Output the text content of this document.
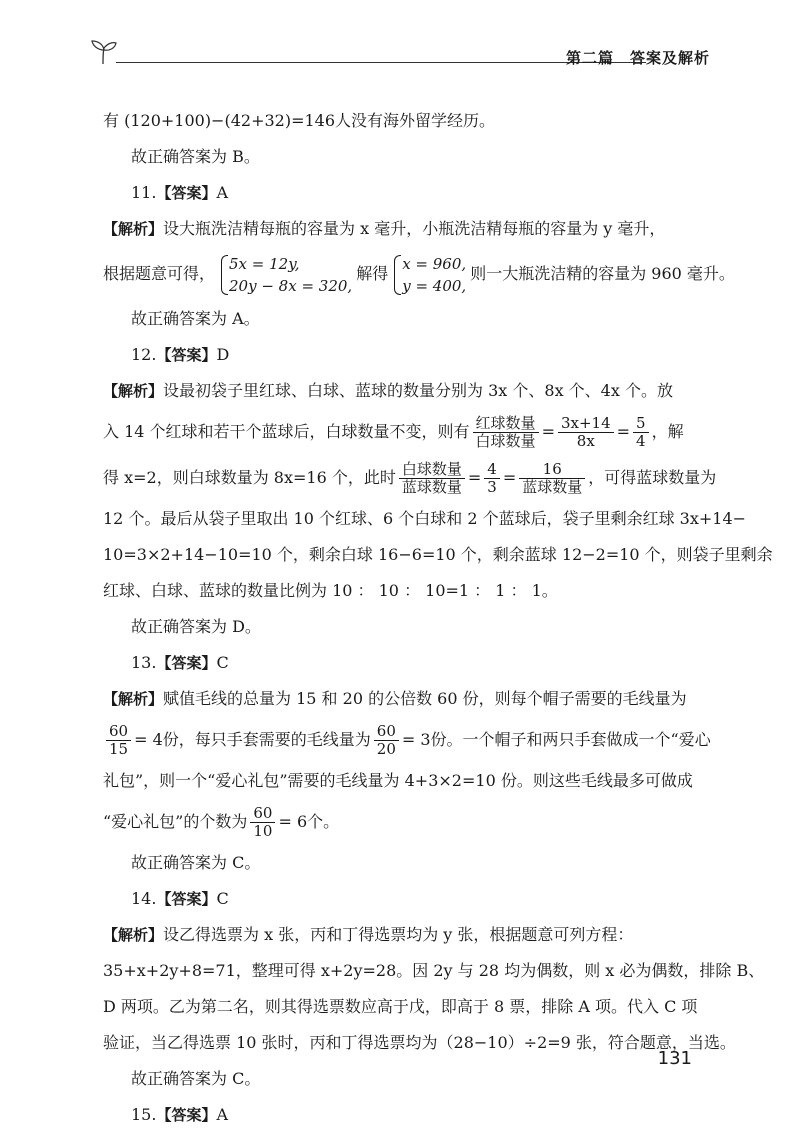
第二篇　答案及解析
有 (120+100)−(42+32)=146人没有海外留学经历。
故正确答案为 B。
11.【答案】A
【解析】设大瓶洗洁精每瓶的容量为 x 毫升，小瓶洗洁精每瓶的容量为 y 毫升，
根据题意可得，
5x = 12y,
20y − 8x = 320,
解得
x = 960,
y = 400,
则一大瓶洗洁精的容量为 960 毫升。
故正确答案为 A。
12.【答案】D
【解析】设最初袋子里红球、白球、蓝球的数量分别为 3x 个、8x 个、4x 个。放
入 14 个红球和若干个蓝球后，白球数量不变，则有 $\frac{\text{红球数量}}{\text{白球数量}} = \frac{3x+14}{8x} = \frac{5}{4}$ ，解
得 x=2，则白球数量为 8x=16 个，此时 $\frac{\text{白球数量}}{\text{蓝球数量}} = \frac{4}{3} = \frac{16}{\text{蓝球数量}}$ ，可得蓝球数量为
12 个。最后从袋子里取出 10 个红球、6 个白球和 2 个蓝球后，袋子里剩余红球 3x+14−
10=3×2+14−10=10 个，剩余白球 16−6=10 个，剩余蓝球 12−2=10 个，则袋子里剩余
红球、白球、蓝球的数量比例为 10 ： 10 ： 10=1 ： 1 ： 1。
故正确答案为 D。
13.【答案】C
【解析】赋值毛线的总量为 15 和 20 的公倍数 60 份，则每个帽子需要的毛线量为
$\frac{60}{15} = 4$份，每只手套需要的毛线量为 $\frac{60}{20} = 3$份。一个帽子和两只手套做成一个“爱心
礼包”，则一个“爱心礼包”需要的毛线量为 4+3×2=10 份。则这些毛线最多可做成
“爱心礼包”的个数为 $\frac{60}{10} = 6$个。
故正确答案为 C。
14.【答案】C
【解析】设乙得选票为 x 张，丙和丁得选票均为 y 张，根据题意可列方程：
35+x+2y+8=71，整理可得 x+2y=28。因 2y 与 28 均为偶数，则 x 必为偶数，排除 B、
D 两项。乙为第二名，则其得选票数应高于戊，即高于 8 票，排除 A 项。代入 C 项
验证，当乙得选票 10 张时，丙和丁得选票均为（28−10）÷2=9 张，符合题意，当选。
故正确答案为 C。
15.【答案】A
131
